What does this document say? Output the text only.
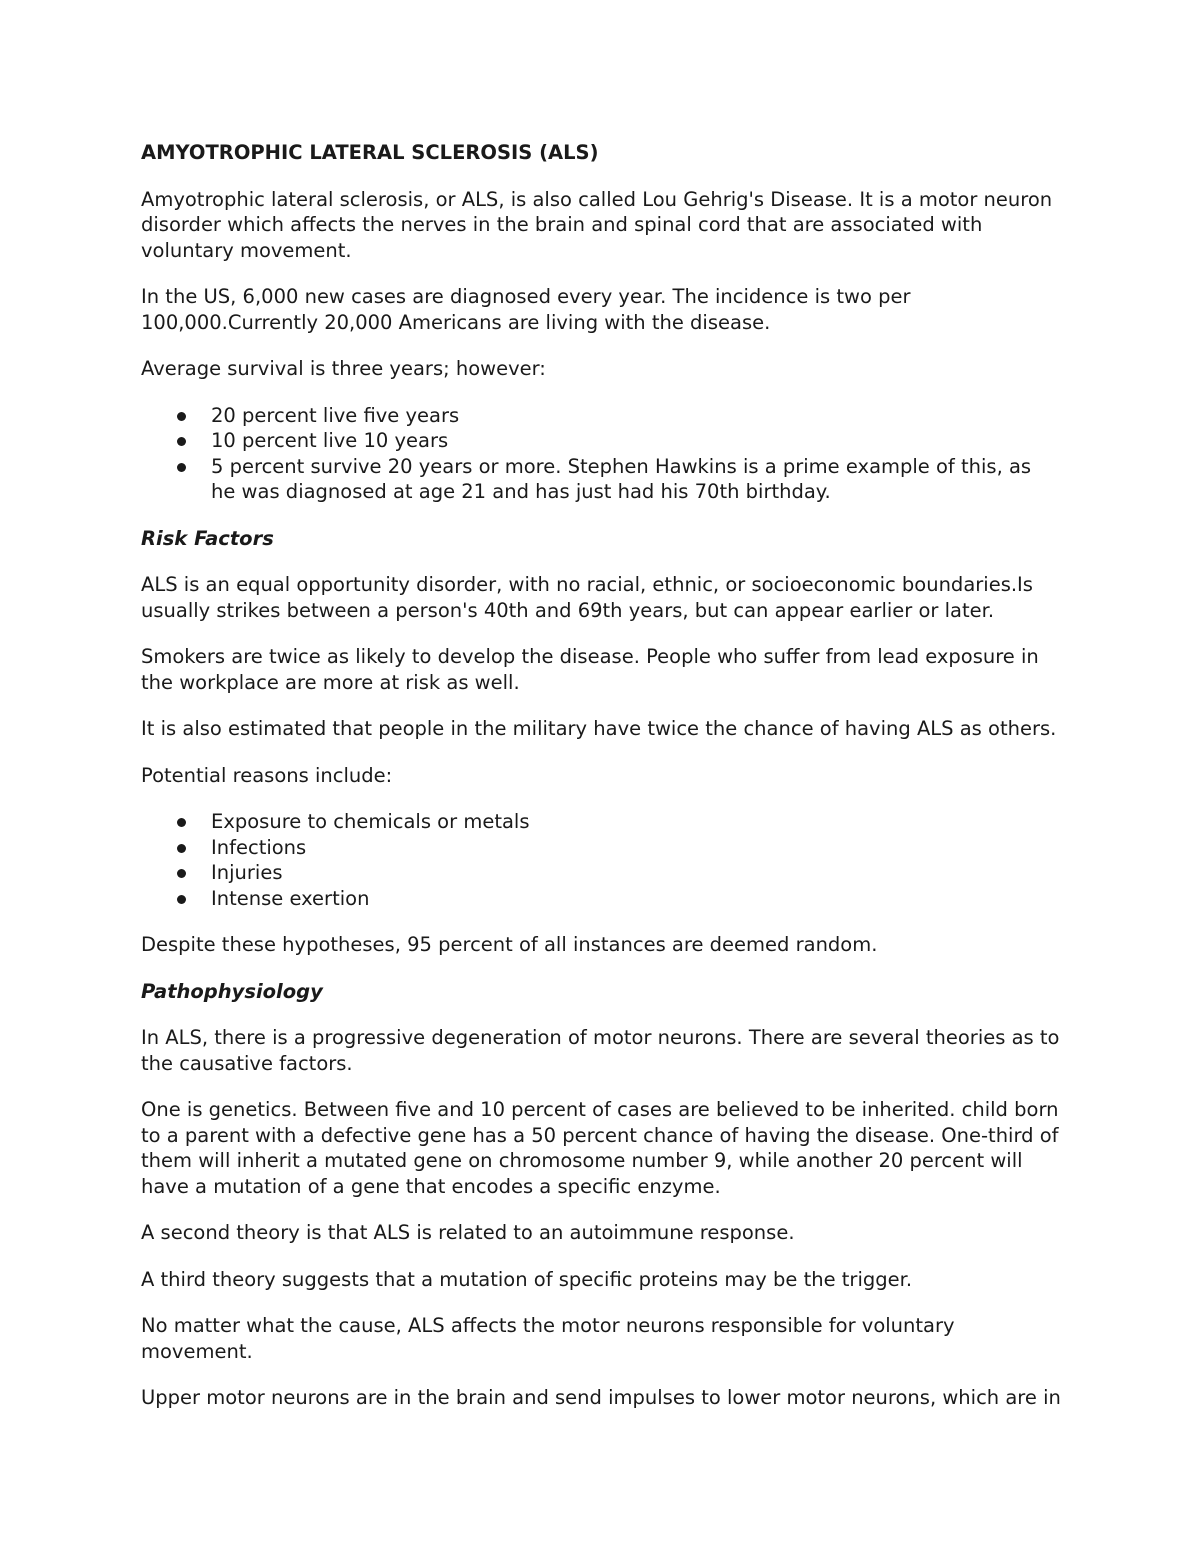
AMYOTROPHIC LATERAL SCLEROSIS (ALS)

Amyotrophic lateral sclerosis, or ALS, is also called Lou Gehrig's Disease. It is a motor neuron disorder which affects the nerves in the brain and spinal cord that are associated with voluntary movement.

In the US, 6,000 new cases are diagnosed every year. The incidence is two per 100,000.Currently 20,000 Americans are living with the disease.

Average survival is three years; however:

20 percent live five years
10 percent live 10 years
5 percent survive 20 years or more. Stephen Hawkins is a prime example of this, as he was diagnosed at age 21 and has just had his 70th birthday.

Risk Factors

ALS is an equal opportunity disorder, with no racial, ethnic, or socioeconomic boundaries.Is usually strikes between a person's 40th and 69th years, but can appear earlier or later.

Smokers are twice as likely to develop the disease. People who suffer from lead exposure in the workplace are more at risk as well.

It is also estimated that people in the military have twice the chance of having ALS as others.

Potential reasons include:

Exposure to chemicals or metals
Infections
Injuries
Intense exertion

Despite these hypotheses, 95 percent of all instances are deemed random.

Pathophysiology

In ALS, there is a progressive degeneration of motor neurons. There are several theories as to the causative factors.

One is genetics. Between five and 10 percent of cases are believed to be inherited. child born to a parent with a defective gene has a 50 percent chance of having the disease. One-third of them will inherit a mutated gene on chromosome number 9, while another 20 percent will have a mutation of a gene that encodes a specific enzyme.

A second theory is that ALS is related to an autoimmune response.

A third theory suggests that a mutation of specific proteins may be the trigger.

No matter what the cause, ALS affects the motor neurons responsible for voluntary movement.

Upper motor neurons are in the brain and send impulses to lower motor neurons, which are in
